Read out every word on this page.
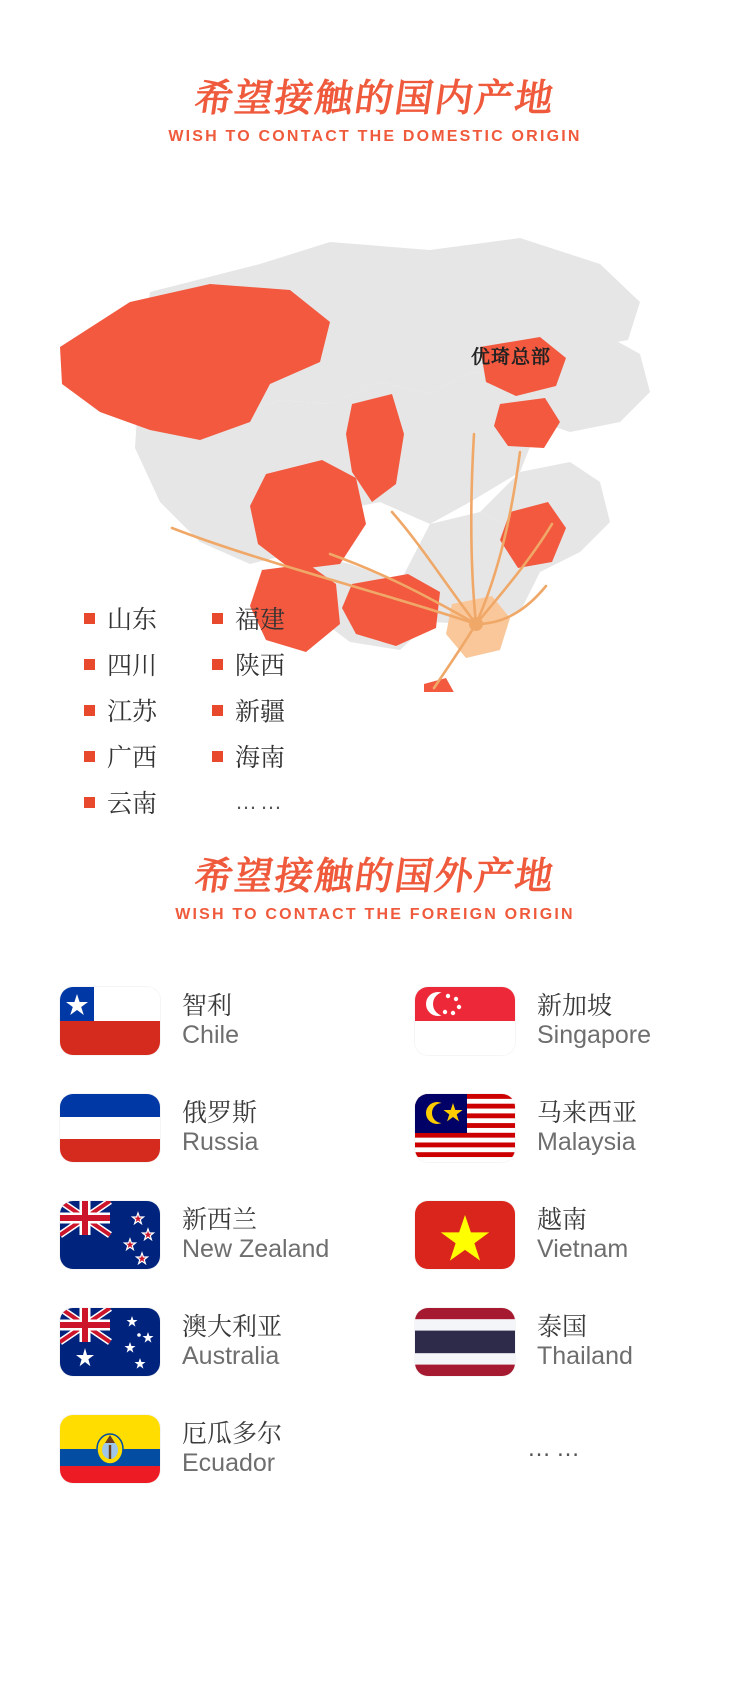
希望接触的国内产地
WISH TO CONTACT THE DOMESTIC ORIGIN
优琦总部
山东	福建
四川	陕西
江苏	新疆
广西	海南
云南	……
希望接触的国外产地
WISH TO CONTACT THE FOREIGN ORIGIN
智利
Chile
新加坡
Singapore
俄罗斯
Russia
马来西亚
Malaysia
新西兰
New Zealand
越南
Vietnam
澳大利亚
Australia
泰国
Thailand
厄瓜多尔
Ecuador
……
